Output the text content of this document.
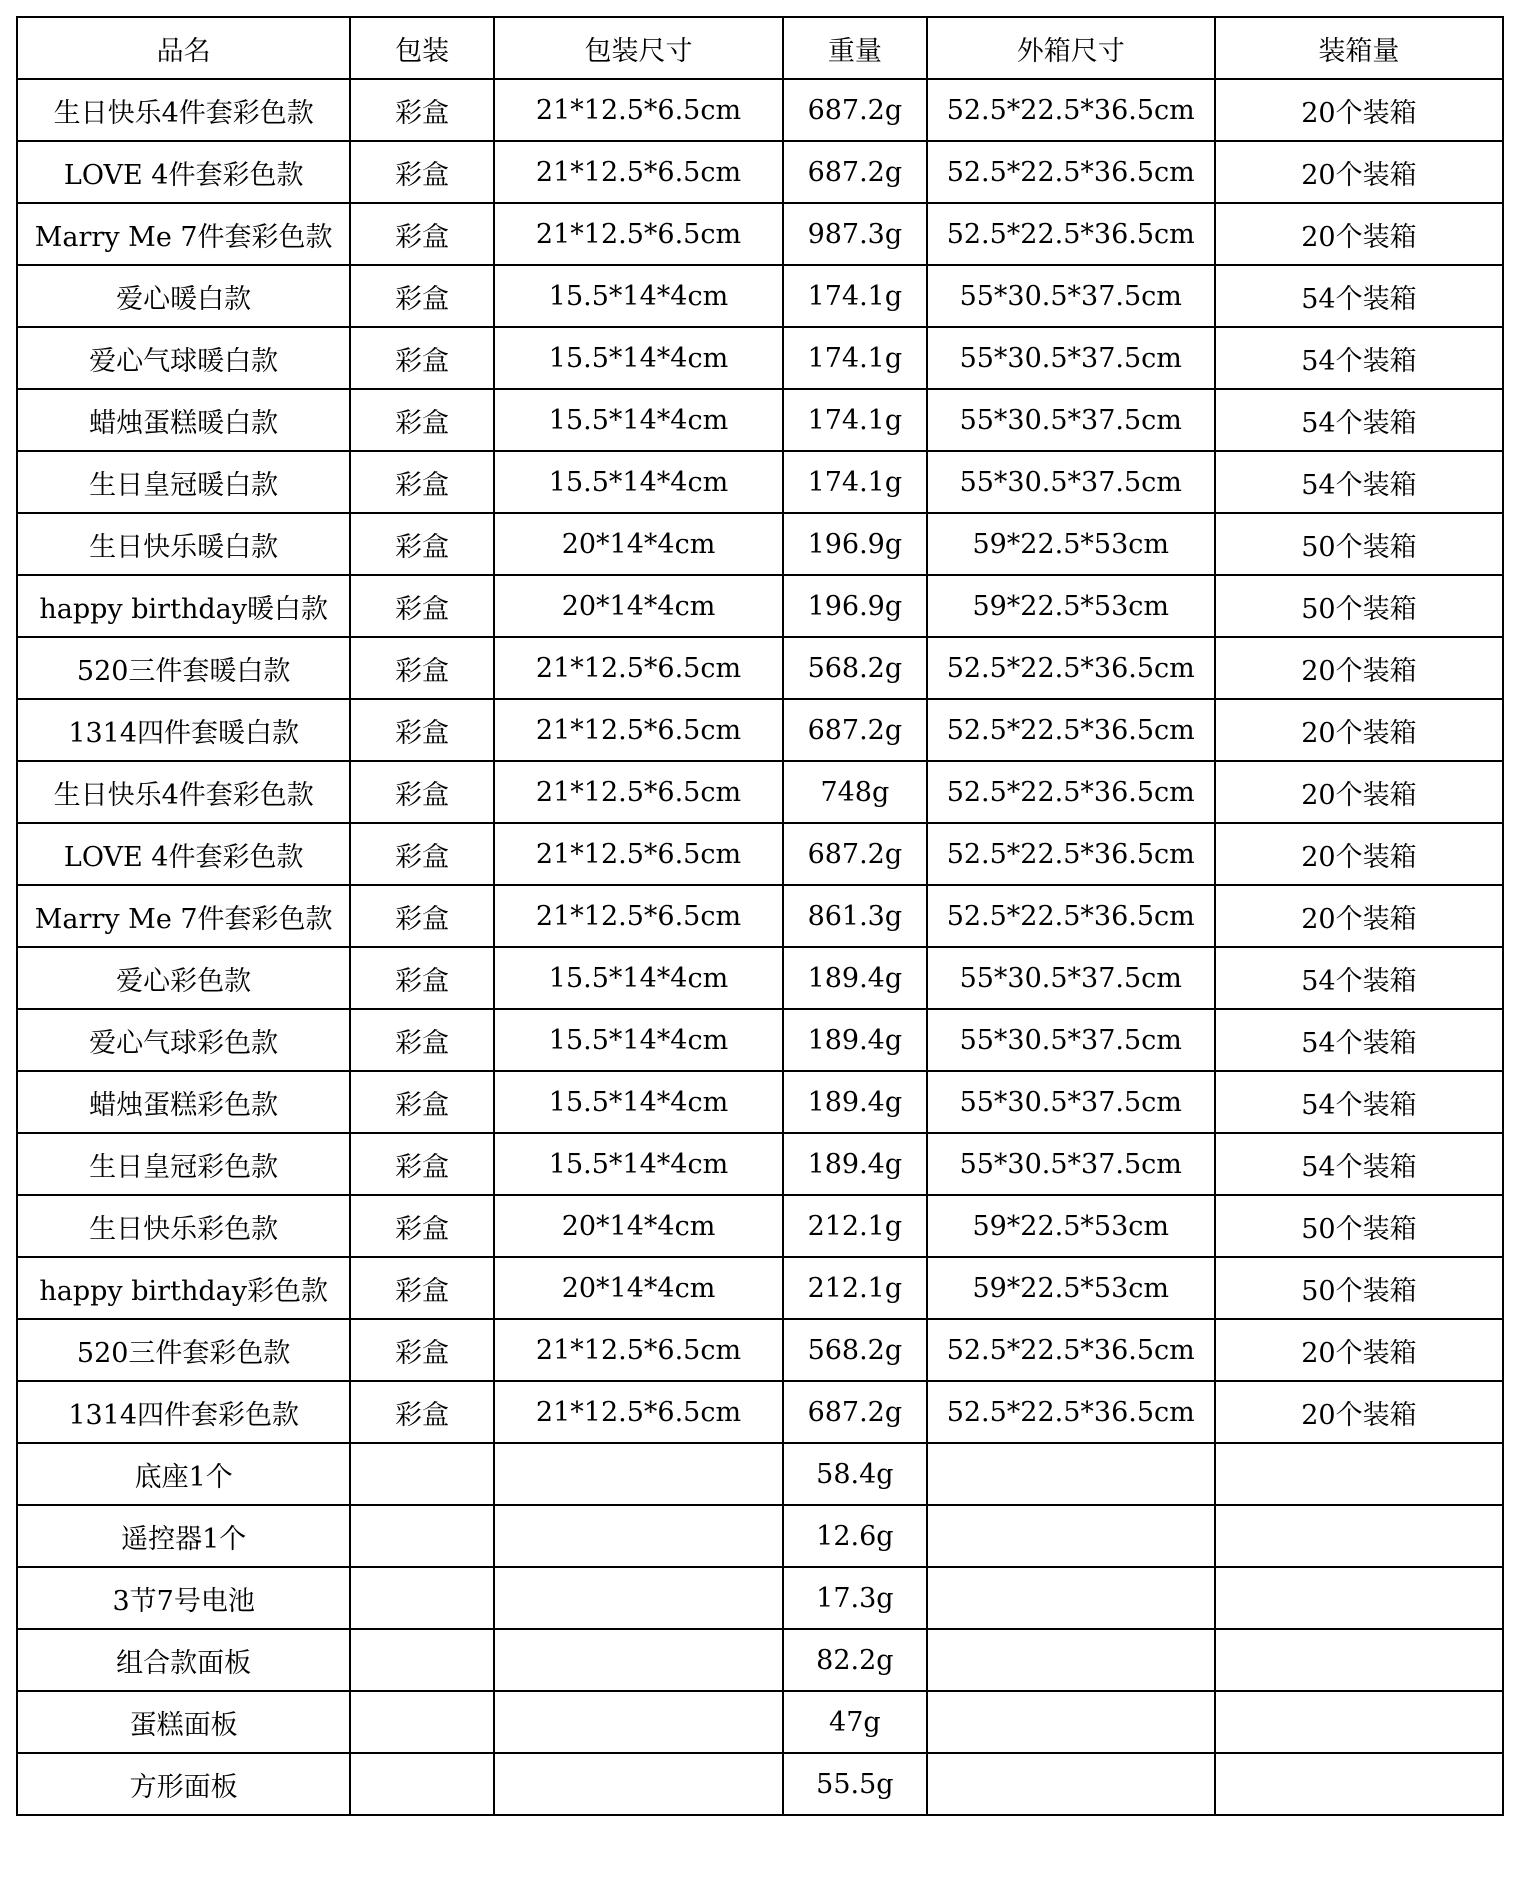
品名	包装	包装尺寸	重量	外箱尺寸	装箱量
生日快乐4件套彩色款	彩盒	21*12.5*6.5cm	687.2g	52.5*22.5*36.5cm	20个装箱
LOVE 4件套彩色款	彩盒	21*12.5*6.5cm	687.2g	52.5*22.5*36.5cm	20个装箱
Marry Me 7件套彩色款	彩盒	21*12.5*6.5cm	987.3g	52.5*22.5*36.5cm	20个装箱
爱心暖白款	彩盒	15.5*14*4cm	174.1g	55*30.5*37.5cm	54个装箱
爱心气球暖白款	彩盒	15.5*14*4cm	174.1g	55*30.5*37.5cm	54个装箱
蜡烛蛋糕暖白款	彩盒	15.5*14*4cm	174.1g	55*30.5*37.5cm	54个装箱
生日皇冠暖白款	彩盒	15.5*14*4cm	174.1g	55*30.5*37.5cm	54个装箱
生日快乐暖白款	彩盒	20*14*4cm	196.9g	59*22.5*53cm	50个装箱
happy birthday暖白款	彩盒	20*14*4cm	196.9g	59*22.5*53cm	50个装箱
520三件套暖白款	彩盒	21*12.5*6.5cm	568.2g	52.5*22.5*36.5cm	20个装箱
1314四件套暖白款	彩盒	21*12.5*6.5cm	687.2g	52.5*22.5*36.5cm	20个装箱
生日快乐4件套彩色款	彩盒	21*12.5*6.5cm	748g	52.5*22.5*36.5cm	20个装箱
LOVE 4件套彩色款	彩盒	21*12.5*6.5cm	687.2g	52.5*22.5*36.5cm	20个装箱
Marry Me 7件套彩色款	彩盒	21*12.5*6.5cm	861.3g	52.5*22.5*36.5cm	20个装箱
爱心彩色款	彩盒	15.5*14*4cm	189.4g	55*30.5*37.5cm	54个装箱
爱心气球彩色款	彩盒	15.5*14*4cm	189.4g	55*30.5*37.5cm	54个装箱
蜡烛蛋糕彩色款	彩盒	15.5*14*4cm	189.4g	55*30.5*37.5cm	54个装箱
生日皇冠彩色款	彩盒	15.5*14*4cm	189.4g	55*30.5*37.5cm	54个装箱
生日快乐彩色款	彩盒	20*14*4cm	212.1g	59*22.5*53cm	50个装箱
happy birthday彩色款	彩盒	20*14*4cm	212.1g	59*22.5*53cm	50个装箱
520三件套彩色款	彩盒	21*12.5*6.5cm	568.2g	52.5*22.5*36.5cm	20个装箱
1314四件套彩色款	彩盒	21*12.5*6.5cm	687.2g	52.5*22.5*36.5cm	20个装箱
底座1个			58.4g		
遥控器1个			12.6g		
3节7号电池			17.3g		
组合款面板			82.2g		
蛋糕面板			47g		
方形面板			55.5g		
